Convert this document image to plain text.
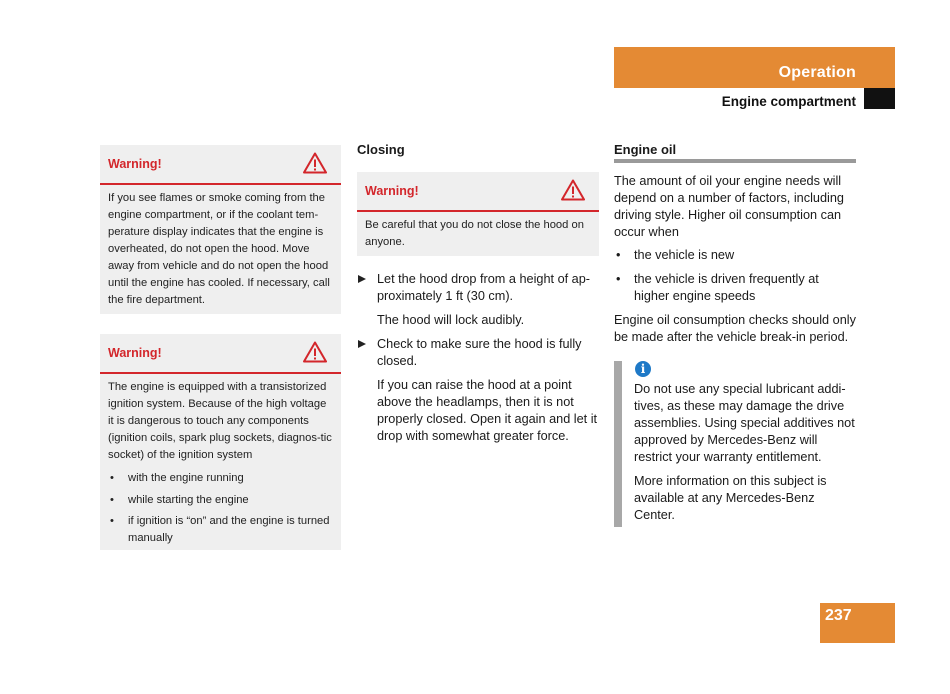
Operation
Engine compartment
Warning!
If you see flames or smoke coming from the engine compartment, or if the coolant tem-perature display indicates that the engine is overheated, do not open the hood. Move away from vehicle and do not open the hood until the engine has cooled. If necessary, call the fire department.
Warning!
The engine is equipped with a transistorized ignition system. Because of the high voltage it is dangerous to touch any components (ignition coils, spark plug sockets, diagnos-tic socket) of the ignition system
• with the engine running
• while starting the engine
• if ignition is “on” and the engine is turned manually
Closing
Warning!
Be careful that you do not close the hood on anyone.
Let the hood drop from a height of ap-proximately 1 ft (30 cm).
The hood will lock audibly.
Check to make sure the hood is fully closed.
If you can raise the hood at a point above the headlamps, then it is not properly closed. Open it again and let it drop with somewhat greater force.
Engine oil

The amount of oil your engine needs will depend on a number of factors, including driving style. Higher oil consumption can occur when

• the vehicle is new
• the vehicle is driven frequently at higher engine speeds

Engine oil consumption checks should only be made after the vehicle break-in period.

i

Do not use any special lubricant addi-tives, as these may damage the drive assemblies. Using special additives not approved by Mercedes-Benz will restrict your warranty entitlement.

More information on this subject is available at any Mercedes-Benz Center.

237
